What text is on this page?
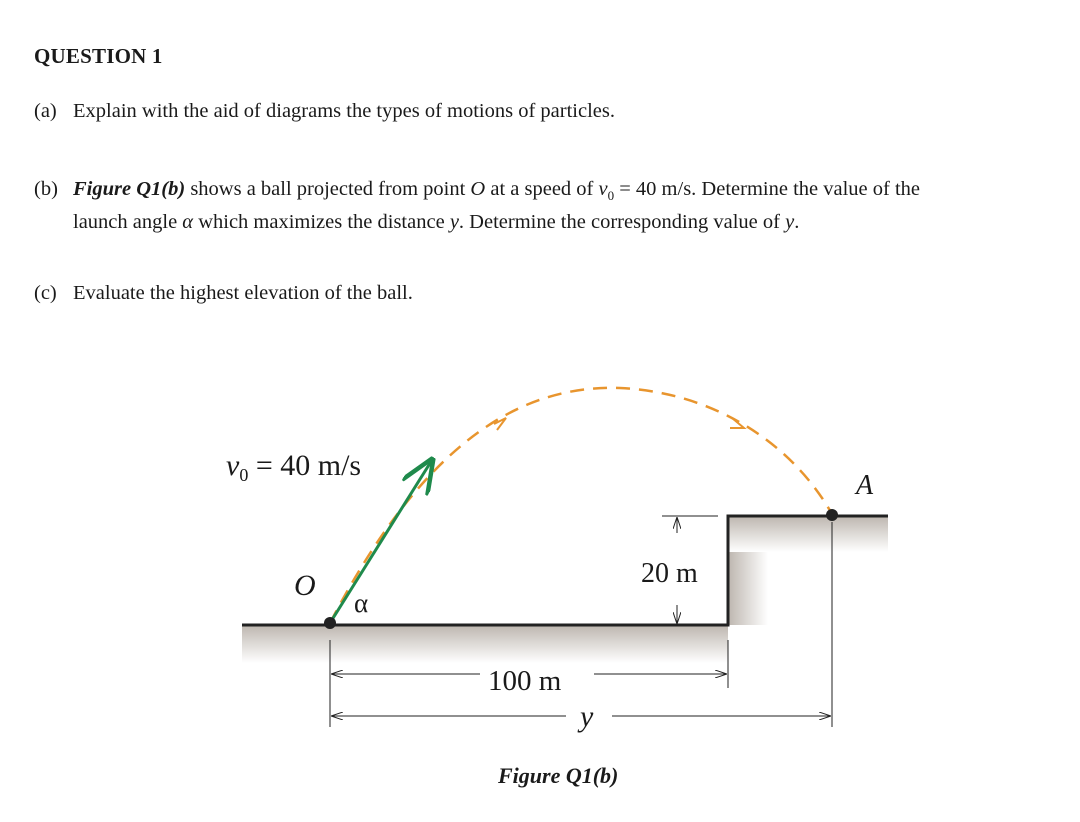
QUESTION 1
(a) Explain with the aid of diagrams the types of motions of particles.
(b) Figure Q1(b) shows a ball projected from point O at a speed of $v_0 = 40$ m/s. Determine the value of the
launch angle α which maximizes the distance y. Determine the corresponding value of y.
(c) Evaluate the highest elevation of the ball.
20 m
100 m
y
$v_0 = 40$ m/s
O
α
A
Figure Q1(b)
